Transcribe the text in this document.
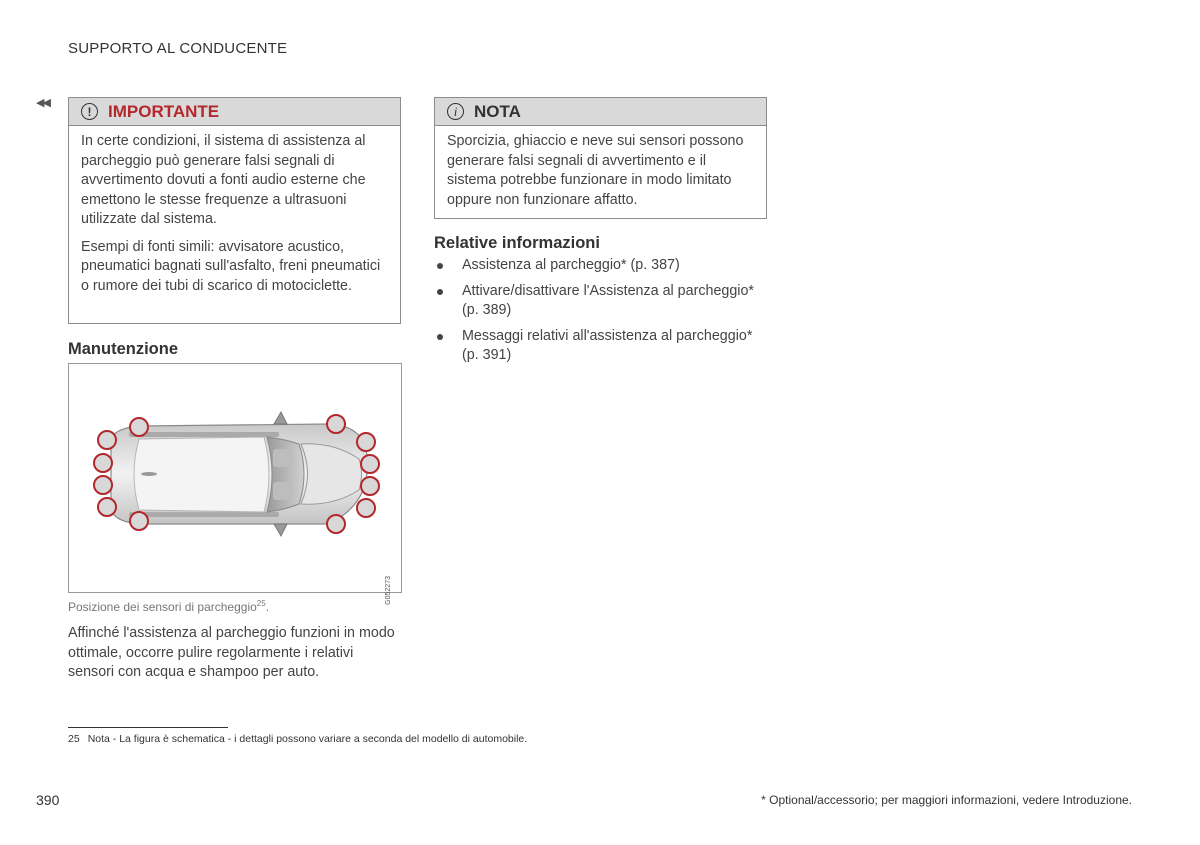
SUPPORTO AL CONDUCENTE
◀◀
! IMPORTANTE

In certe condizioni, il sistema di assistenza al parcheggio può generare falsi segnali di avvertimento dovuti a fonti audio esterne che emettono le stesse frequenze a ultrasuoni utilizzate dal sistema.

Esempi di fonti simili: avvisatore acustico, pneumatici bagnati sull'asfalto, freni pneumatici o rumore dei tubi di scarico di motociclette.

Manutenzione
G052273
Posizione dei sensori di parcheggio$^{25}$.
Affinché l'assistenza al parcheggio funzioni in modo ottimale, occorre pulire regolarmente i relativi sensori con acqua e shampoo per auto.
i NOTA

Sporcizia, ghiaccio e neve sui sensori possono generare falsi segnali di avvertimento e il sistema potrebbe funzionare in modo limitato oppure non funzionare affatto.

Relative informazioni
Assistenza al parcheggio* (p. 387)
Attivare/disattivare l'Assistenza al parcheggio* (p. 389)
Messaggi relativi all'assistenza al parcheggio* (p. 391)
25 Nota - La figura è schematica - i dettagli possono variare a seconda del modello di automobile.
390	* Optional/accessorio; per maggiori informazioni, vedere Introduzione.
